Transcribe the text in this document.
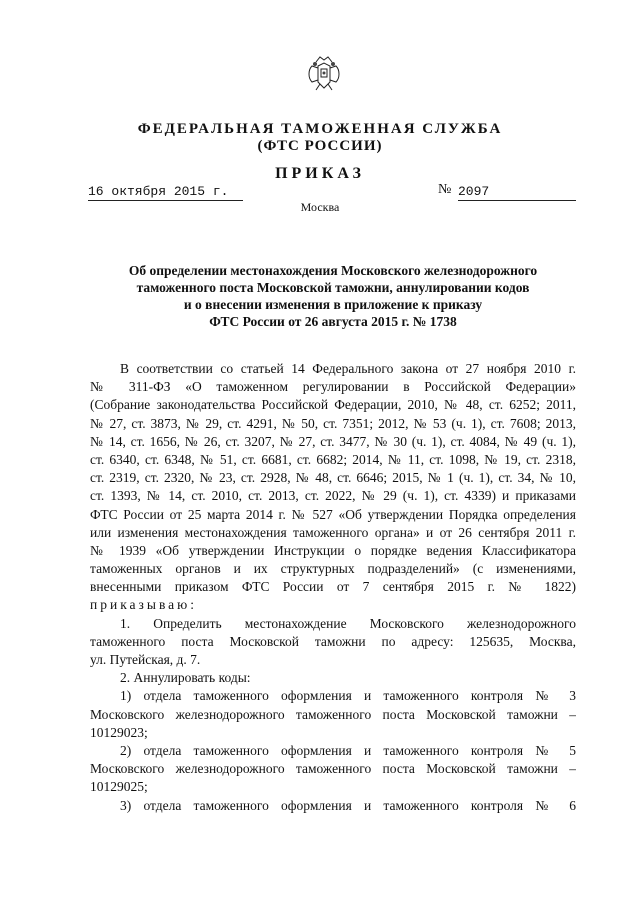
ФЕДЕРАЛЬНАЯ ТАМОЖЕННАЯ СЛУЖБА
(ФТС РОССИИ)
ПРИКАЗ
16 октября 2015 г.	№ 2097
Москва
Об определении местонахождения Московского железнодорожного
таможенного поста Московской таможни, аннулировании кодов
и о внесении изменения в приложение к приказу
ФТС России от 26 августа 2015 г. № 1738
В соответствии со статьей 14 Федерального закона от 27 ноября 2010 г.
№ 311-ФЗ «О таможенном регулировании в Российской Федерации»
(Собрание законодательства Российской Федерации, 2010, № 48, ст. 6252; 2011,
№ 27, ст. 3873, № 29, ст. 4291, № 50, ст. 7351; 2012, № 53 (ч. 1), ст. 7608; 2013,
№ 14, ст. 1656, № 26, ст. 3207, № 27, ст. 3477, № 30 (ч. 1), ст. 4084, № 49 (ч. 1),
ст. 6340, ст. 6348, № 51, ст. 6681, ст. 6682; 2014, № 11, ст. 1098, № 19, ст. 2318,
ст. 2319, ст. 2320, № 23, ст. 2928, № 48, ст. 6646; 2015, № 1 (ч. 1), ст. 34, № 10,
ст. 1393, № 14, ст. 2010, ст. 2013, ст. 2022, № 29 (ч. 1), ст. 4339) и приказами
ФТС России от 25 марта 2014 г. № 527 «Об утверждении Порядка определения
или изменения местонахождения таможенного органа» и от 26 сентября 2011 г.
№ 1939 «Об утверждении Инструкции о порядке ведения Классификатора
таможенных органов и их структурных подразделений» (с изменениями,
внесенными приказом ФТС России от 7 сентября 2015 г. № 1822)
приказываю:
1. Определить местонахождение Московского железнодорожного
таможенного поста Московской таможни по адресу: 125635, Москва,
ул. Путейская, д. 7.
2. Аннулировать коды:
1) отдела таможенного оформления и таможенного контроля № 3
Московского железнодорожного таможенного поста Московской таможни –
10129023;
2) отдела таможенного оформления и таможенного контроля № 5
Московского железнодорожного таможенного поста Московской таможни –
10129025;
3) отдела таможенного оформления и таможенного контроля № 6
